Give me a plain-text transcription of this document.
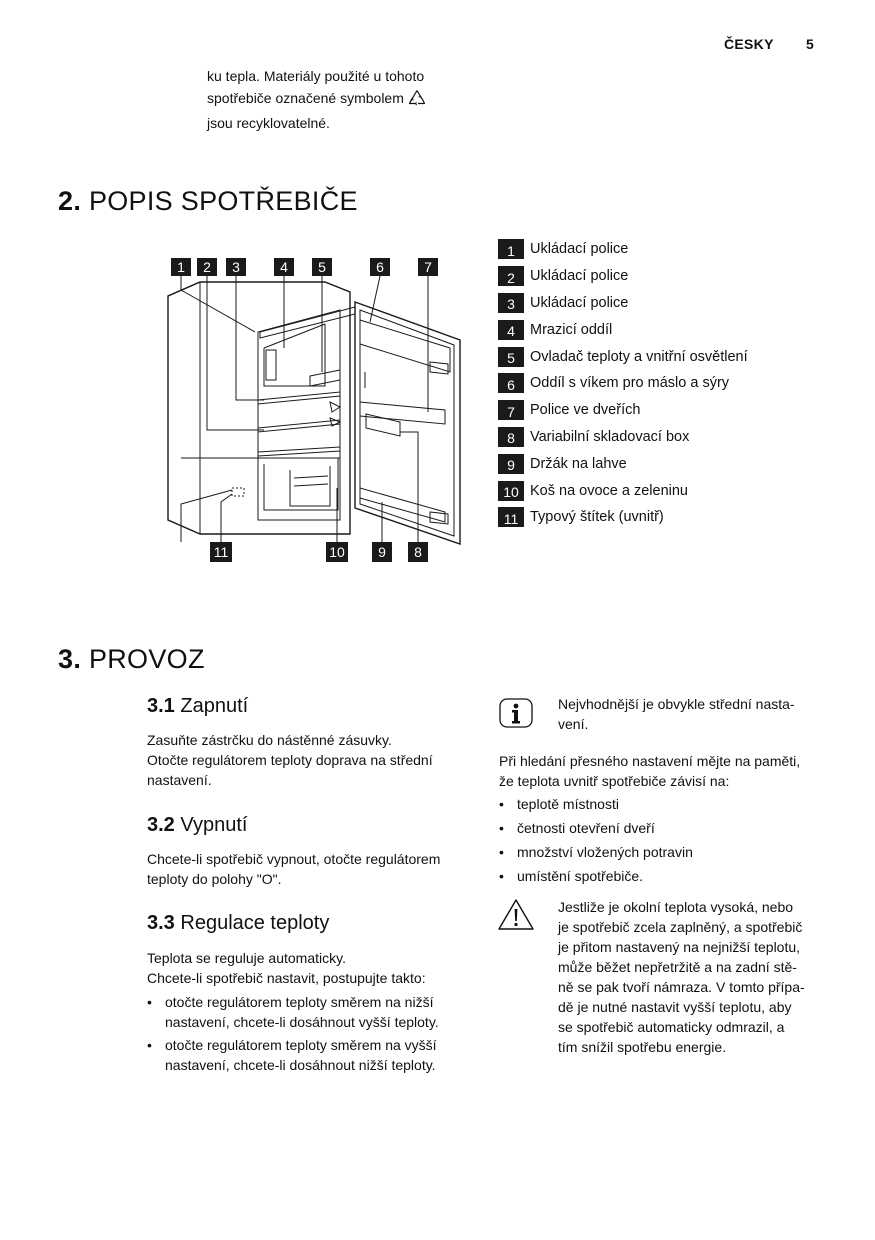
ČESKY 5

ku tepla. Materiály použité u tohoto

spotřebiče označené symbolem

jsou recyklovatelné.

2. POPIS SPOTŘEBIČE
1 2 3	4 5	6	7
11	10 9 8
1	Ukládací police
2	Ukládací police
3	Ukládací police
4	Mrazicí oddíl
5	Ovladač teploty a vnitřní osvětlení
6	Oddíl s víkem pro máslo a sýry
7	Police ve dveřích
8	Variabilní skladovací box
9	Držák na lahve
10 Koš na ovoce a zeleninu
11 Typový štítek (uvnitř)
3. PROVOZ
3.1 Zapnutí
Zasuňte zástrčku do nástěnné zásuvky.
Otočte regulátorem teploty doprava na střední
nastavení.
3.2 Vypnutí
Chcete-li spotřebič vypnout, otočte regulátorem
teploty do polohy "O".
3.3 Regulace teploty
Teplota se reguluje automaticky.
Chcete-li spotřebič nastavit, postupujte takto:
• otočte regulátorem teploty směrem na nižší
nastavení, chcete-li dosáhnout vyšší teploty.
• otočte regulátorem teploty směrem na vyšší
nastavení, chcete-li dosáhnout nižší teploty.
Nejvhodnější je obvykle střední nasta-
vení.
Při hledání přesného nastavení mějte na paměti,
že teplota uvnitř spotřebiče závisí na:
• teplotě místnosti
• četnosti otevření dveří
• množství vložených potravin
• umístění spotřebiče.
Jestliže je okolní teplota vysoká, nebo
je spotřebič zcela zaplněný, a spotřebič
je přitom nastavený na nejnižší teplotu,
může běžet nepřetržitě a na zadní stě-
ně se pak tvoří námraza. V tomto přípa-
dě je nutné nastavit vyšší teplotu, aby
se spotřebič automaticky odmrazil, a
tím snížil spotřebu energie.
